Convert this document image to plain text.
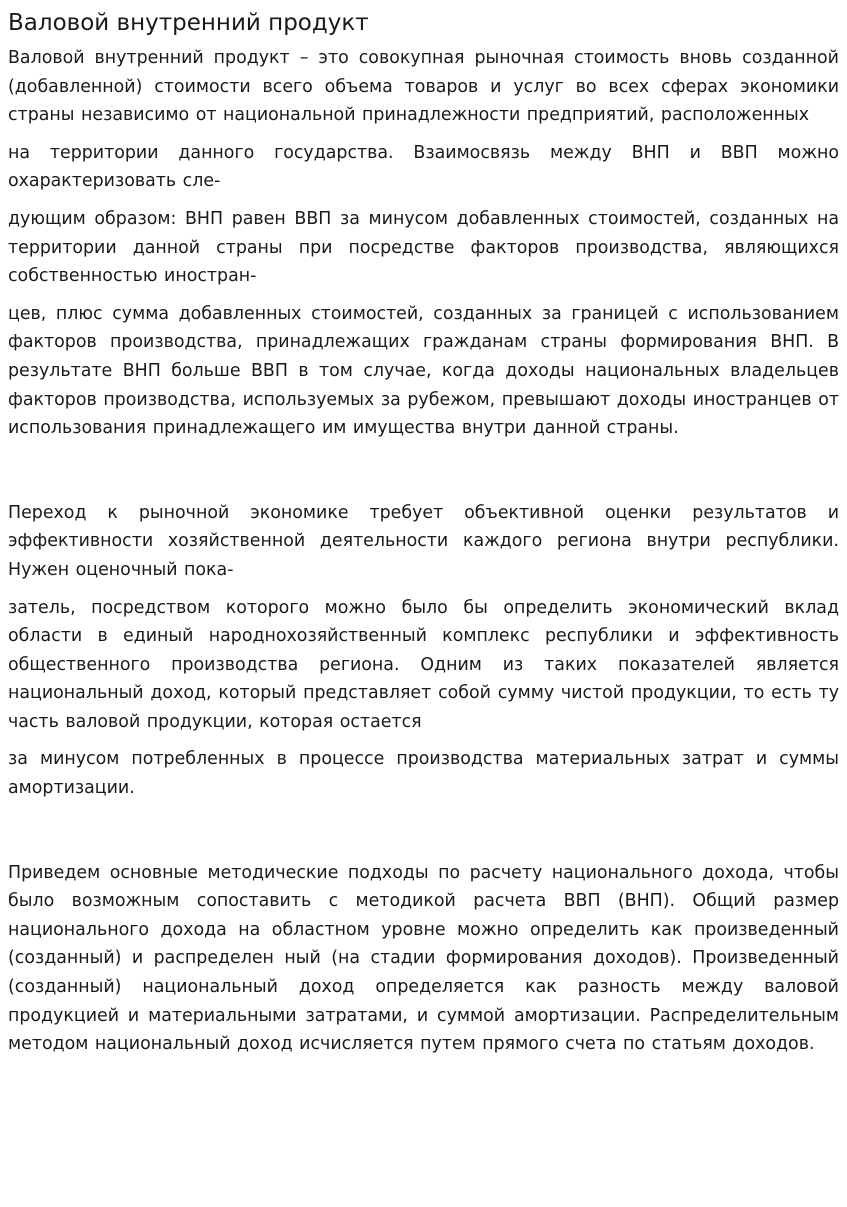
Валовой внутренний продукт

Валовой внутренний продукт – это совокупная рыночная стоимость вновь созданной (добавленной) стоимости всего объема товаров и услуг во всех сферах экономики страны независимо от национальной принадлежности предприятий, расположенных

на территории данного государства. Взаимосвязь между ВНП и ВВП можно охарактеризовать сле-

дующим образом: ВНП равен ВВП за минусом добавленных стоимостей, созданных на территории данной страны при посредстве факторов производства, являющихся собственностью иностран-

цев, плюс сумма добавленных стоимостей, созданных за границей с использованием факторов производства, принадлежащих гражданам страны формирования ВНП. В результате ВНП больше ВВП в том случае, когда доходы национальных владельцев факторов производства, используемых за рубежом, превышают доходы иностранцев от использования принадлежащего им имущества внутри данной страны.

Переход к рыночной экономике требует объективной оценки результатов и эффективности хозяйственной деятельности каждого региона внутри республики. Нужен оценочный пока-

затель, посредством которого можно было бы определить экономический вклад области в единый народнохозяйственный комплекс республики и эффективность общественного производства региона. Одним из таких показателей является национальный доход, который представляет собой сумму чистой продукции, то есть ту часть валовой продукции, которая остается

за минусом потребленных в процессе производства материальных затрат и суммы амортизации.

Приведем основные методические подходы по расчету национального дохода, чтобы было возможным сопоставить с методикой расчета ВВП (ВНП). Общий размер национального дохода на областном уровне можно определить как произведенный (созданный) и распределен ный (на стадии формирования доходов). Произведенный (созданный) национальный доход определяется как разность между валовой продукцией и материальными затратами, и суммой амортизации. Распределительным методом национальный доход исчисляется путем прямого счета по статьям доходов.
